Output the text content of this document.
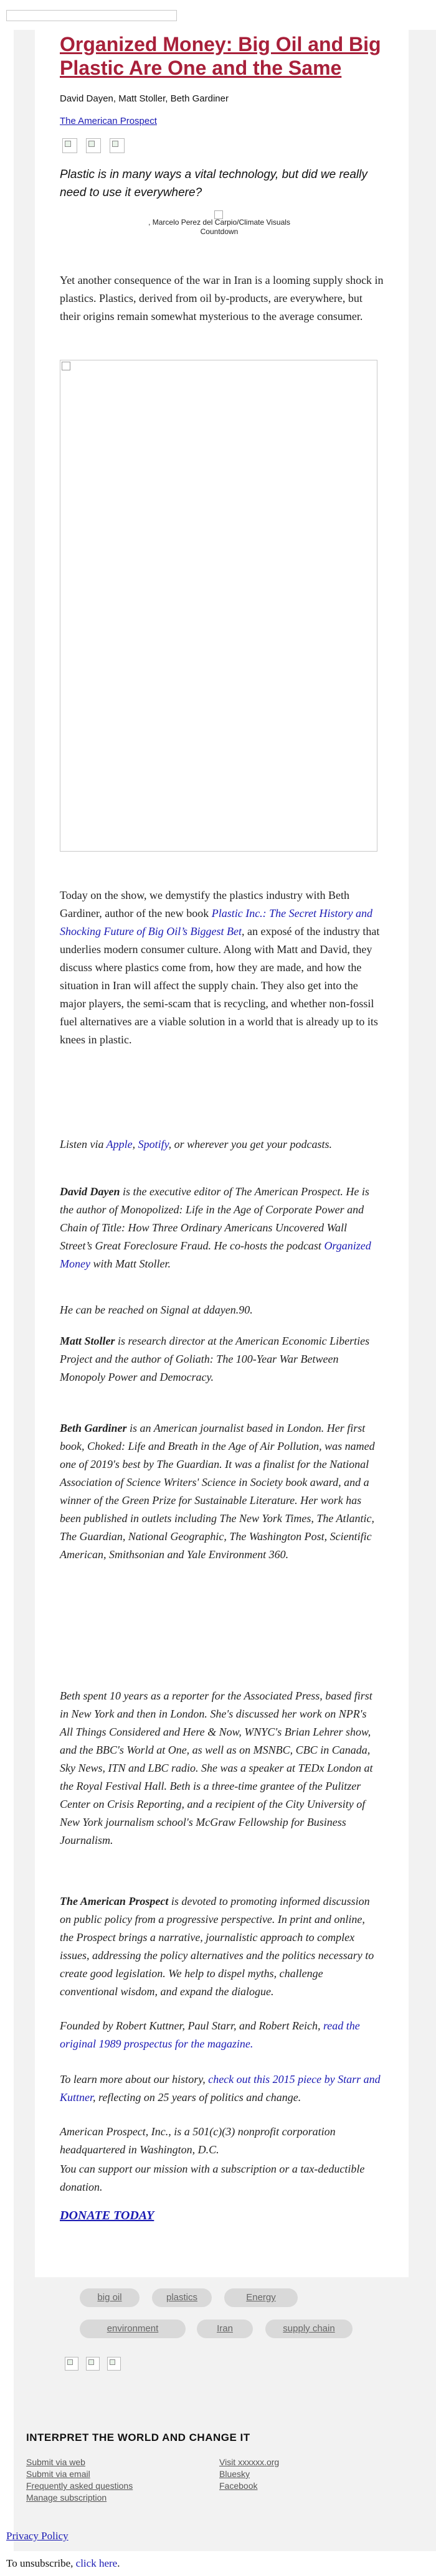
Organized Money: Big Oil and Big Plastic Are One and the Same
David Dayen, Matt Stoller, Beth Gardiner
The American Prospect
Plastic is in many ways a vital technology, but did we really need to use it everywhere?
, Marcelo Perez del Carpio/Climate Visuals Countdown
Yet another consequence of the war in Iran is a looming supply shock in plastics. Plastics, derived from oil by-products, are everywhere, but their origins remain somewhat mysterious to the average consumer.
Today on the show, we demystify the plastics industry with Beth Gardiner, author of the new book Plastic Inc.: The Secret History and Shocking Future of Big Oil’s Biggest Bet, an exposé of the industry that underlies modern consumer culture. Along with Matt and David, they discuss where plastics come from, how they are made, and how the situation in Iran will affect the supply chain. They also get into the major players, the semi-scam that is recycling, and whether non-fossil fuel alternatives are a viable solution in a world that is already up to its knees in plastic.
Listen via Apple, Spotify, or wherever you get your podcasts.
David Dayen is the executive editor of The American Prospect. He is the author of Monopolized: Life in the Age of Corporate Power and Chain of Title: How Three Ordinary Americans Uncovered Wall Street’s Great Foreclosure Fraud. He co-hosts the podcast Organized Money with Matt Stoller.
He can be reached on Signal at ddayen.90.
Matt Stoller is research director at the American Economic Liberties Project and the author of Goliath: The 100-Year War Between Monopoly Power and Democracy.
Beth Gardiner is an American journalist based in London. Her first book, Choked: Life and Breath in the Age of Air Pollution, was named one of 2019's best by The Guardian. It was a finalist for the National Association of Science Writers' Science in Society book award, and a winner of the Green Prize for Sustainable Literature. Her work has been published in outlets including The New York Times, The Atlantic, The Guardian, National Geographic, The Washington Post, Scientific American, Smithsonian and Yale Environment 360.
Beth spent 10 years as a reporter for the Associated Press, based first in New York and then in London. She's discussed her work on NPR's All Things Considered and Here & Now, WNYC's Brian Lehrer show, and the BBC's World at One, as well as on MSNBC, CBC in Canada, Sky News, ITN and LBC radio. She was a speaker at TEDx London at the Royal Festival Hall. Beth is a three-time grantee of the Pulitzer Center on Crisis Reporting, and a recipient of the City University of New York journalism school's McGraw Fellowship for Business Journalism.
The American Prospect is devoted to promoting informed discussion on public policy from a progressive perspective. In print and online, the Prospect brings a narrative, journalistic approach to complex issues, addressing the policy alternatives and the politics necessary to create good legislation. We help to dispel myths, challenge conventional wisdom, and expand the dialogue.
Founded by Robert Kuttner, Paul Starr, and Robert Reich, read the original 1989 prospectus for the magazine.
To learn more about our history, check out this 2015 piece by Starr and Kuttner, reflecting on 25 years of politics and change.
American Prospect, Inc., is a 501(c)(3) nonprofit corporation headquartered in Washington, D.C.
You can support our mission with a subscription or a tax-deductible donation.
DONATE TODAY
big oil	plastics	Energy
environment	Iran	supply chain
INTERPRET THE WORLD AND CHANGE IT
Submit via web
Submit via email
Frequently asked questions
Manage subscription
Visit xxxxxx.org
Bluesky
Facebook
Privacy Policy
To unsubscribe, click here.
